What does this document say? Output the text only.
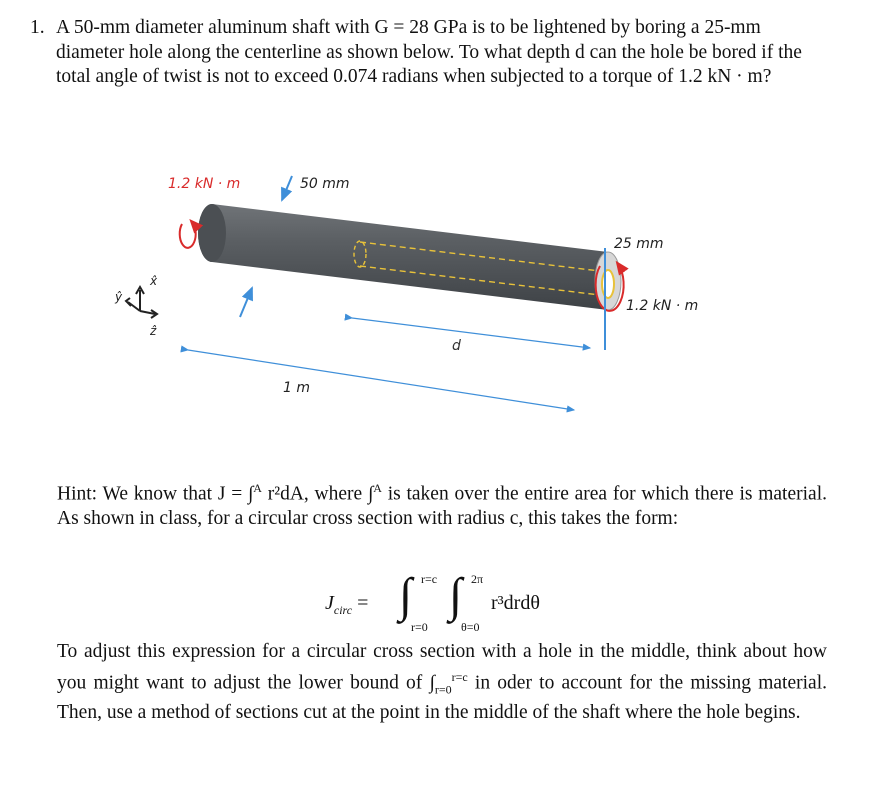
1. A 50-mm diameter aluminum shaft with G = 28 GPa is to be lightened by boring a 25-mm diameter hole along the centerline as shown below. To what depth d can the hole be bored if the total angle of twist is not to exceed 0.074 radians when subjected to a torque of 1.2 kN · m?
1.2 kN · m	50 mm
25 mm
1.2 kN · m
d
1 m
x̂
ŷ
ẑ
Hint: We know that J = ∫$^A$ r²dA, where ∫$^A$ is taken over the entire area for which there is material. As shown in class, for a circular cross section with radius c, this takes the form:
$J_{circ}$ = ∫ r=c
r=0
∫ 2π
θ=0
r³drdθ
To adjust this expression for a circular cross section with a hole in the middle, think about how you might want to adjust the lower bound of $\int_{r=0}^{r=c}$ in oder to account for the missing material. Then, use a method of sections cut at the point in the middle of the shaft where the hole begins.
